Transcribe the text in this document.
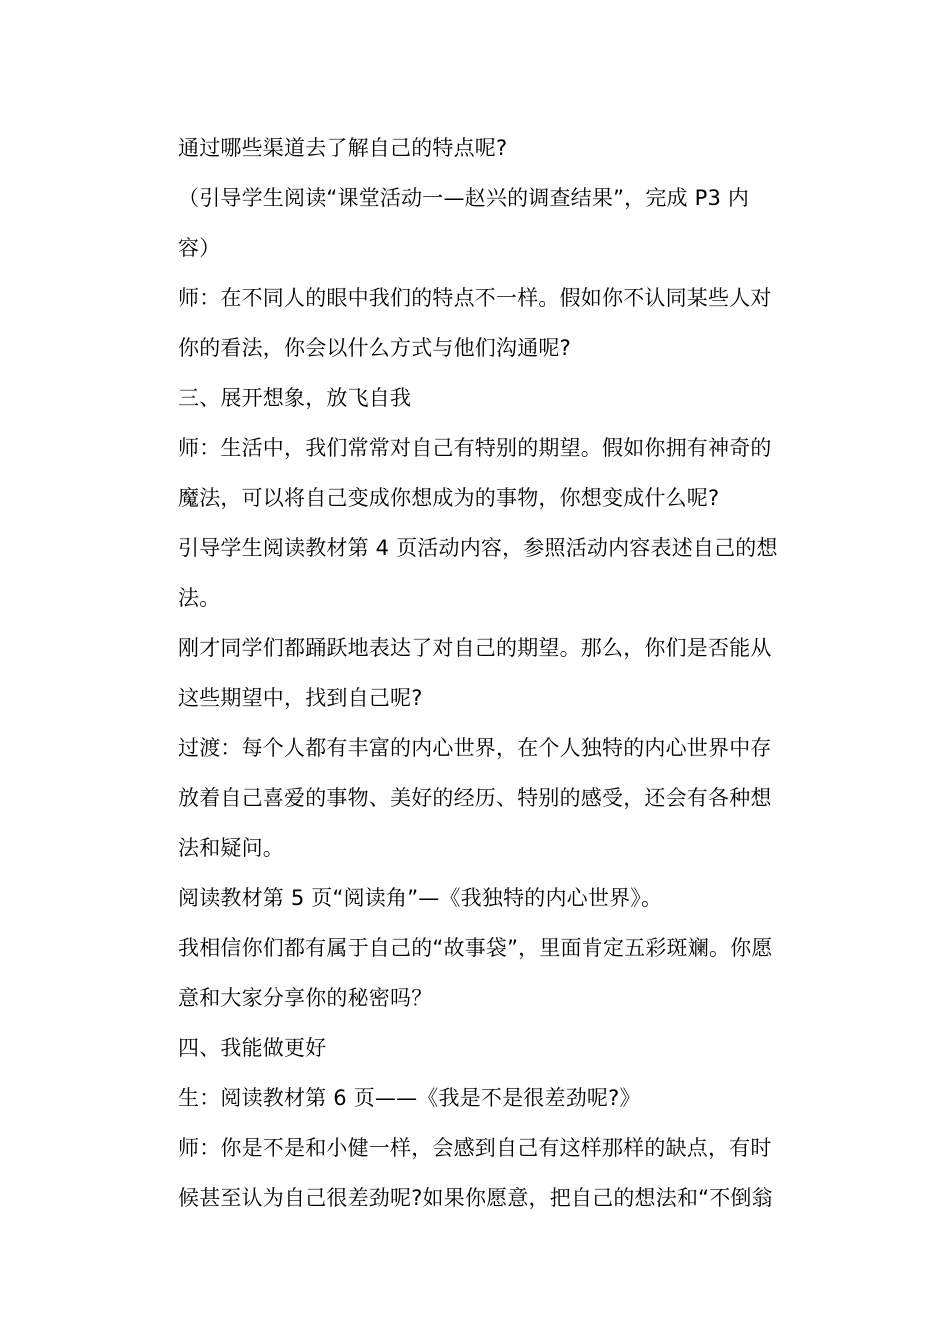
通过哪些渠道去了解自己的特点呢?
（引导学生阅读“课堂活动一—赵兴的调查结果”，完成 P3 内
容）
师：在不同人的眼中我们的特点不一样。假如你不认同某些人对
你的看法，你会以什么方式与他们沟通呢?
三、展开想象，放飞自我
师：生活中，我们常常对自己有特别的期望。假如你拥有神奇的
魔法，可以将自己变成你想成为的事物，你想变成什么呢?
引导学生阅读教材第 4 页活动内容，参照活动内容表述自己的想
法。
刚才同学们都踊跃地表达了对自己的期望。那么，你们是否能从
这些期望中，找到自己呢?
过渡：每个人都有丰富的内心世界，在个人独特的内心世界中存
放着自己喜爱的事物、美好的经历、特别的感受，还会有各种想
法和疑问。
阅读教材第 5 页“阅读角”—《我独特的内心世界》。
我相信你们都有属于自己的“故事袋”，里面肯定五彩斑斓。你愿
意和大家分享你的秘密吗？
四、我能做更好
生：阅读教材第 6 页——《我是不是很差劲呢?》
师：你是不是和小健一样，会感到自己有这样那样的缺点，有时
候甚至认为自己很差劲呢?如果你愿意，把自己的想法和“不倒翁
